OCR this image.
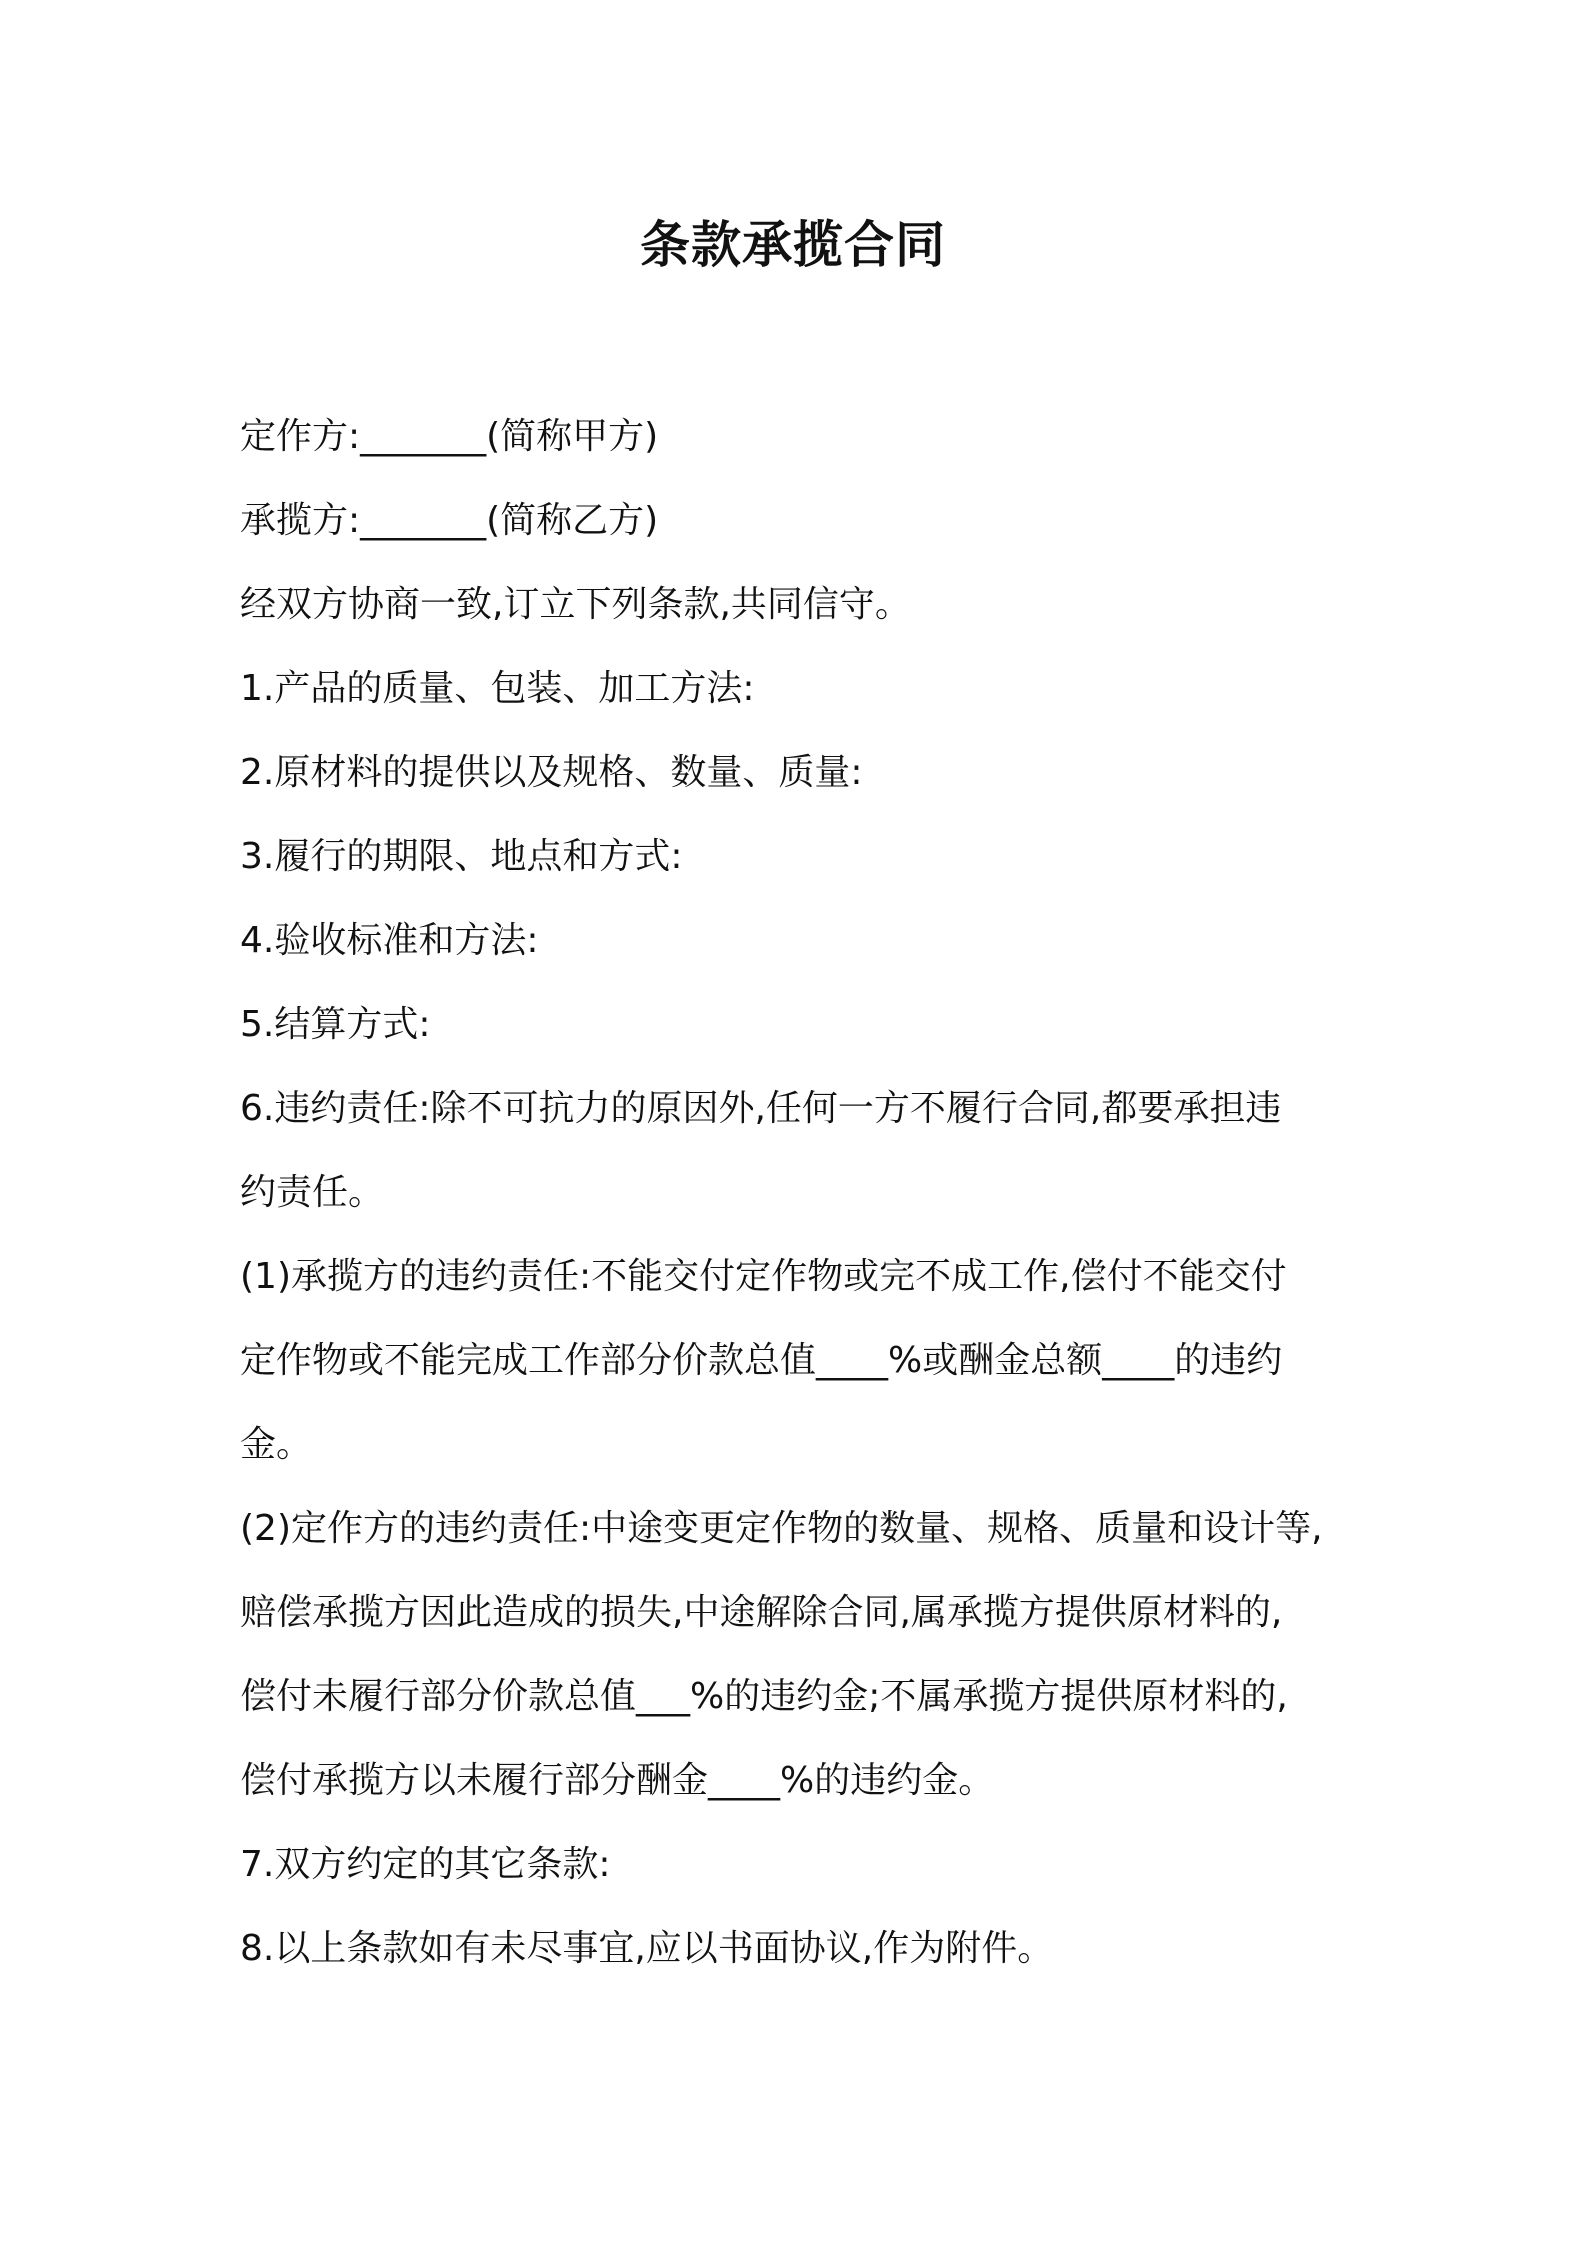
条款承揽合同
定作方:_______(简称甲方)
承揽方:_______(简称乙方)
经双方协商一致,订立下列条款,共同信守。
1.产品的质量、包装、加工方法:
2.原材料的提供以及规格、数量、质量:
3.履行的期限、地点和方式:
4.验收标准和方法:
5.结算方式:
6.违约责任:除不可抗力的原因外,任何一方不履行合同,都要承担违
约责任。
(1)承揽方的违约责任:不能交付定作物或完不成工作,偿付不能交付
定作物或不能完成工作部分价款总值____%或酬金总额____的违约
金。
(2)定作方的违约责任:中途变更定作物的数量、规格、质量和设计等,
赔偿承揽方因此造成的损失,中途解除合同,属承揽方提供原材料的,
偿付未履行部分价款总值___%的违约金;不属承揽方提供原材料的,
偿付承揽方以未履行部分酬金____%的违约金。
7.双方约定的其它条款:
8.以上条款如有未尽事宜,应以书面协议,作为附件。
